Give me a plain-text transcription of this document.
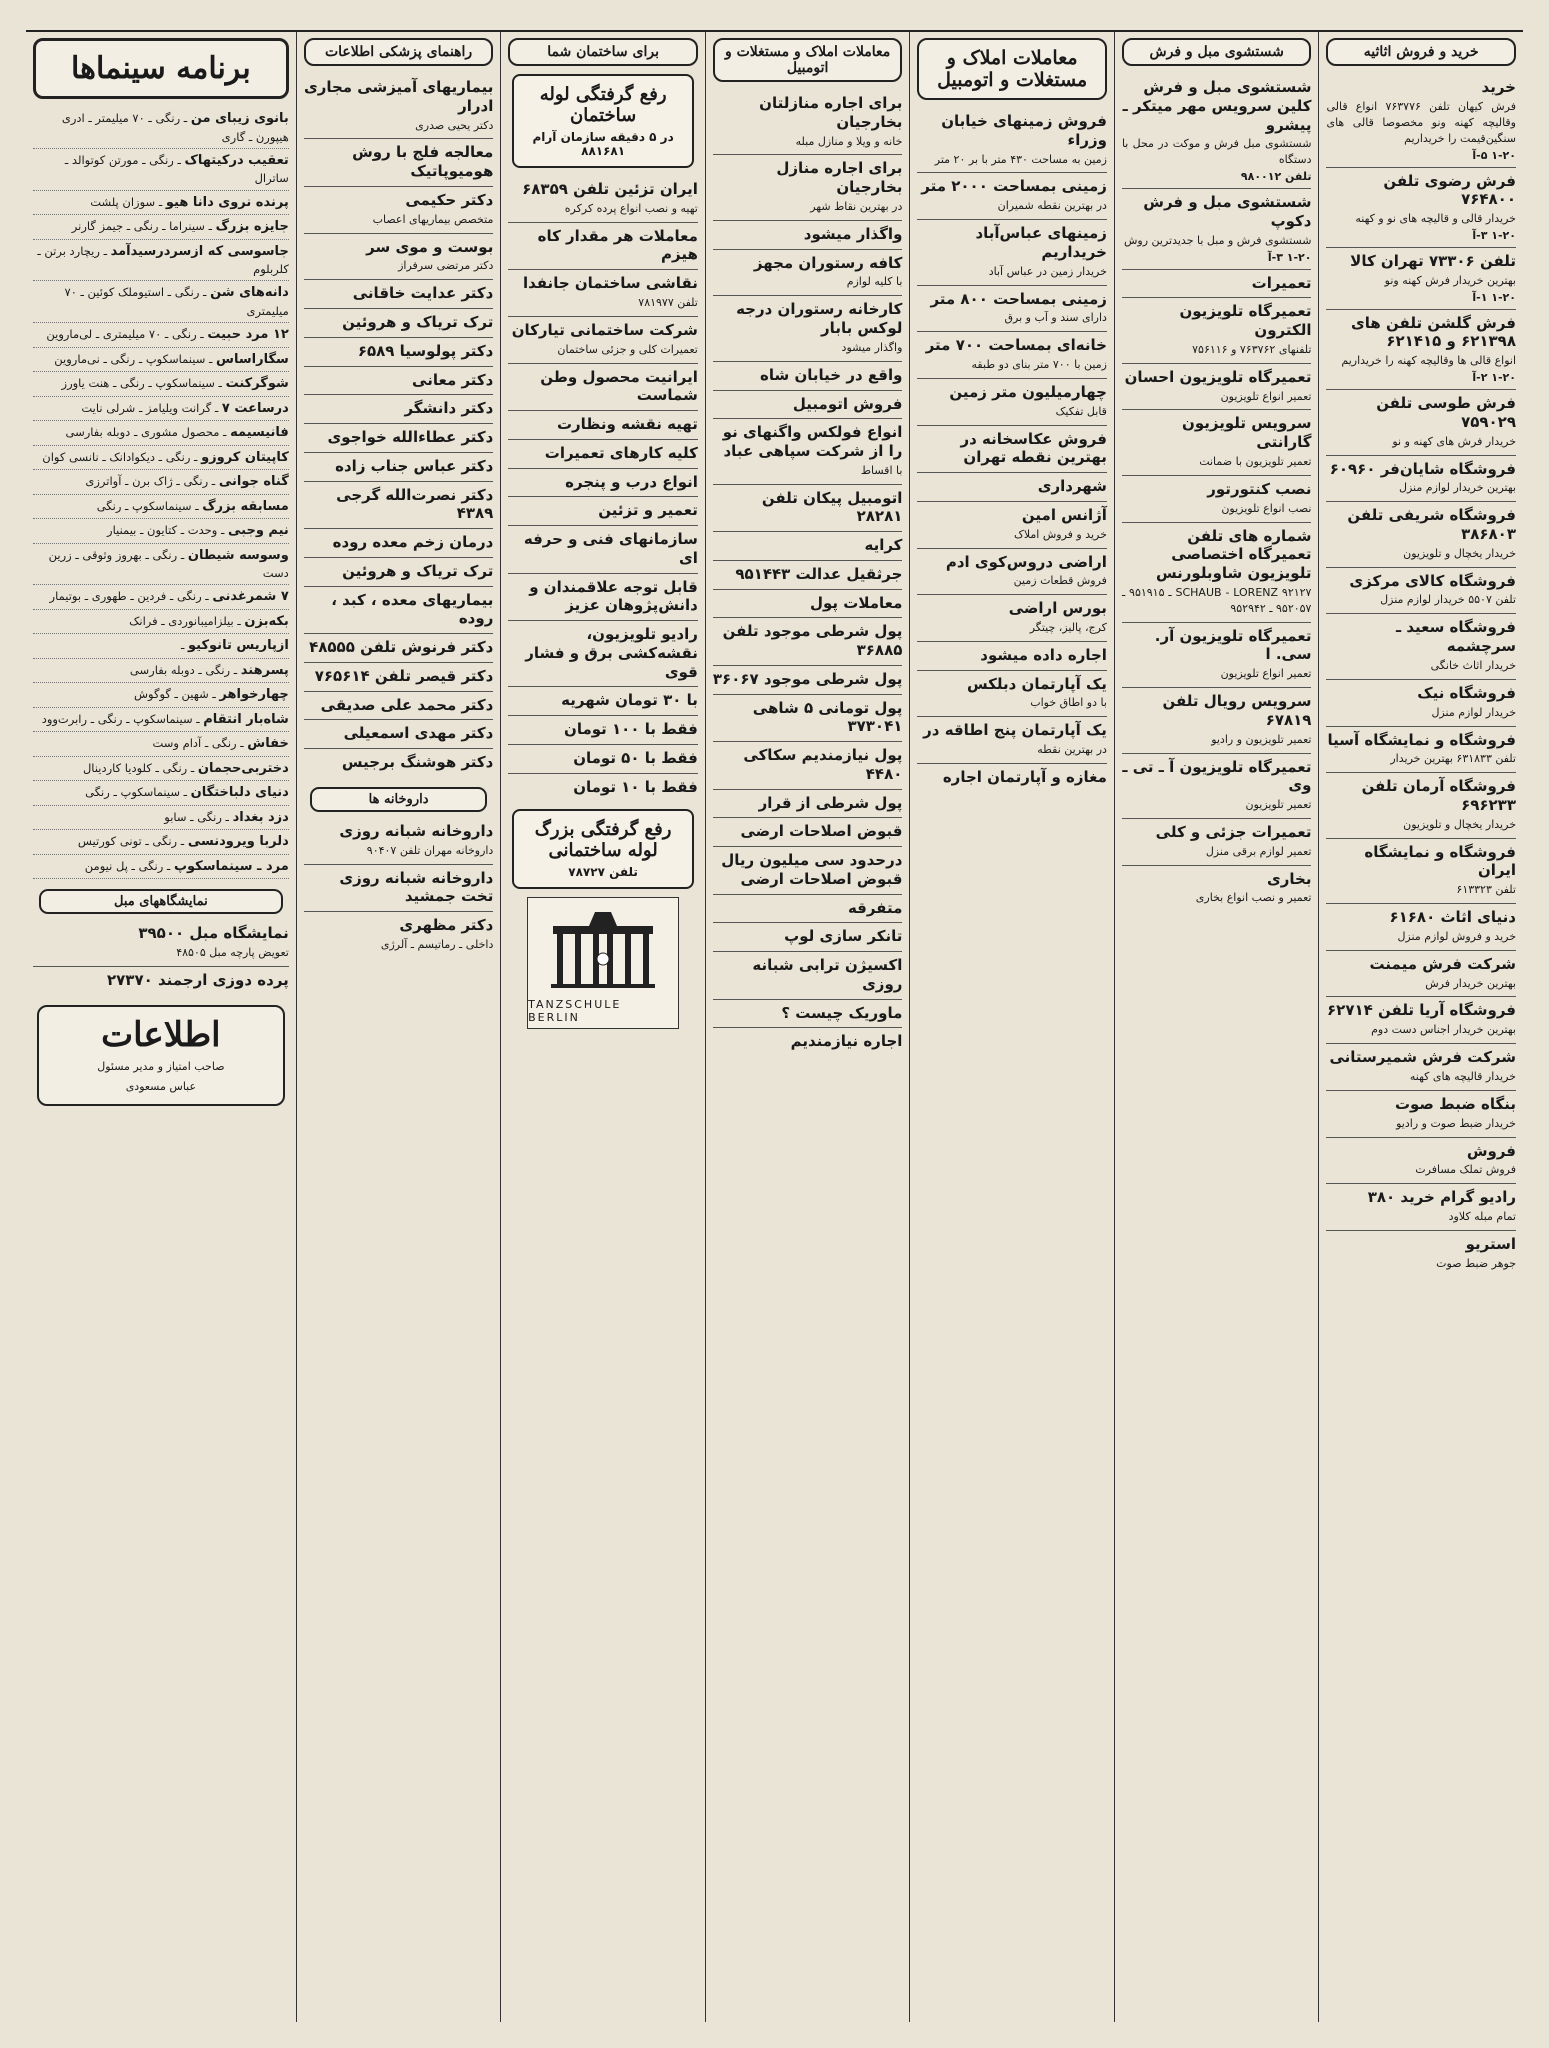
خرید و فروش اثاثیه
خرید
فرش کیهان تلفن ۷۶۳۷۷۶ انواع قالی وقالیچه کهنه ونو مخصوصا قالی های سنگین‌قیمت را خریداریم
۱-۲۰ ۵-آ
فرش رضوی تلفن ۷۶۴۸۰۰
خریدار قالی و قالیچه های نو و کهنه
۱-۲۰ ۳-آ
تلفن ۷۳۳۰۶ تهران کالا
بهترین خریدار فرش کهنه ونو
۱-۲۰ ۱-آ
فرش گلشن تلفن های ۶۲۱۳۹۸ و ۶۲۱۴۱۵
انواع قالی ها وقالیچه کهنه را خریداریم
۱-۲۰ ۲-آ
فرش طوسی تلفن ۷۵۹۰۲۹
خریدار فرش های کهنه و نو
فروشگاه شایان‌فر ۶۰۹۶۰
بهترین خریدار لوازم منزل
فروشگاه شریفی تلفن ۳۸۶۸۰۳
خریدار یخچال و تلویزیون
فروشگاه کالای مرکزی
تلفن ۵۵۰۷ خریدار لوازم منزل
فروشگاه سعید ـ سرچشمه
خریدار اثاث خانگی
فروشگاه نیک
خریدار لوازم منزل
فروشگاه و نمایشگاه آسیا
تلفن ۶۳۱۸۳۳ بهترین خریدار
فروشگاه آرمان تلفن ۶۹۶۲۳۳
خریدار یخچال و تلویزیون
فروشگاه و نمایشگاه ایران
تلفن ۶۱۳۳۲۳
دنیای اثاث ۶۱۶۸۰
خرید و فروش لوازم منزل
شرکت فرش میمنت
بهترین خریدار فرش
فروشگاه آریا تلفن ۶۲۷۱۴
بهترین خریدار اجناس دست دوم
شرکت فرش شمیرستانی
خریدار قالیچه های کهنه
بنگاه ضبط صوت
خریدار ضبط صوت و رادیو
فروش
فروش تملک مسافرت
رادیو گرام خرید ۳۸۰
تمام مبله کلاود
استریو
جوهر ضبط صوت
شستشوی مبل و فرش
شستشوی مبل و فرش کلین سرویس مهر میتکر ـ پیشرو
شستشوی مبل فرش و موکت در محل با دستگاه
تلفن ۹۸۰۰۱۲
شستشوی مبل و فرش دکوپ
شستشوی فرش و مبل با جدیدترین روش
۱-۲۰ ۳-آ
تعمیرات
تعمیرگاه تلویزیون الکترون
تلفنهای ۷۶۳۷۶۲ و ۷۵۶۱۱۶
تعمیرگاه تلویزیون احسان
تعمیر انواع تلویزیون
سرویس تلویزیون گارانتی
تعمیر تلویزیون با ضمانت
نصب کنتورتور
نصب انواع تلویزیون
شماره های تلفن تعمیرگاه اختصاصی تلویزیون شاوبلورنس
SCHAUB - LORENZ ۹۲۱۲۷ ـ ۹۵۱۹۱۵ ـ ۹۵۲۰۵۷ ـ ۹۵۲۹۴۲
تعمیرگاه تلویزیون آر. سی. ا
تعمیر انواع تلویزیون
سرویس رویال تلفن ۶۷۸۱۹
تعمیر تلویزیون و رادیو
تعمیرگاه تلویزیون آ ـ تی ـ وی
تعمیر تلویزیون
تعمیرات جزئی و کلی
تعمیر لوازم برقی منزل
بخاری
تعمیر و نصب انواع بخاری
معاملات املاک و مستغلات و اتومبیل
فروش زمینهای خیابان وزراء
زمین به مساحت ۴۳۰ متر با بر ۲۰ متر
زمینی بمساحت ۲۰۰۰ متر
در بهترین نقطه شمیران
زمینهای عباس‌آباد خریداریم
خریدار زمین در عباس آباد
زمینی بمساحت ۸۰۰ متر
دارای سند و آب و برق
خانه‌ای بمساحت ۷۰۰ متر
زمین با ۷۰۰ متر بنای دو طبقه
چهارمیلیون متر زمین
قابل تفکیک
فروش عکاسخانه در بهترین نقطه تهران
شهرداری
آژانس امین
خرید و فروش املاک
اراضی دروس‌کوی ادم
فروش قطعات زمین
بورس اراضی
کرج، پالیز، چیتگر
اجاره داده میشود
یک آپارتمان دبلکس
با دو اطاق خواب
یک آپارتمان پنج اطاقه در
در بهترین نقطه
مغازه و آپارتمان اجاره
معاملات املاک و مستغلات و اتومبیل
برای اجاره منازلتان بخارجیان
خانه و ویلا و منازل مبله
برای اجاره منازل بخارجیان
در بهترین نقاط شهر
واگذار میشود
کافه رستوران مجهز
با کلیه لوازم
کارخانه رستوران درجه لوکس بابار
واگذار میشود
واقع در خیابان شاه
فروش اتومبیل
انواع فولکس واگنهای نو را از شرکت سپاهی عباد
با اقساط
اتومبیل پیکان تلفن ۲۸۲۸۱
کرایه
جرثقیل عدالت ۹۵۱۴۴۳
معاملات پول
پول شرطی موجود تلفن ۳۶۸۸۵
پول شرطی موجود ۳۶۰۶۷
پول تومانی ۵ شاهی ۳۷۳۰۴۱
پول نیازمندیم سکاکی ۴۴۸۰
پول شرطی از قرار
قبوض اصلاحات ارضی
درحدود سی میلیون ریال قبوض اصلاحات ارضی
متفرقه
تانکر سازی لوپ
اکسیژن ترابی شبانه روزی
ماوریک چیست ؟
اجاره نیازمندیم
برای ساختمان شما
رفع گرفتگی لوله ساختمان
در ۵ دقیقه سازمان آرام ۸۸۱۶۸۱
ایران تزئین تلفن ۶۸۳۵۹
تهیه و نصب انواع پرده کرکره
معاملات هر مقدار کاه هیزم
نقاشی ساختمان جانفدا
تلفن ۷۸۱۹۷۷
شرکت ساختمانی تیارکان
تعمیرات کلی و جزئی ساختمان
ایرانیت محصول وطن شماست
تهیه نقشه ونظارت
کلیه کارهای تعمیرات
انواع درب و پنجره
تعمیر و تزئین
سازمانهای فنی و حرفه ای
قابل توجه علاقمندان و دانش‌پژوهان عزیز
رادیو تلویزیون، نقشه‌کشی برق و فشار قوی
با ۳۰ تومان شهریه
فقط با ۱۰۰ تومان
فقط با ۵۰ تومان
فقط با ۱۰ تومان
رفع گرفتگی بزرگ لوله ساختمانی
تلفن ۷۸۷۲۷
TANZSCHULE BERLIN
راهنمای پزشکی اطلاعات
بیماریهای آمیزشی مجاری ادرار
دکتر یحیی صدری
معالجه فلج با روش هومیوپاتیک
دکتر حکیمی
متخصص بیماریهای اعصاب
بوست و موی سر
دکتر مرتضی سرفراز
دکتر عدایت خاقانی
ترک تریاک و هروئین
دکتر پولوسیا ۶۵۸۹
دکتر معانی
دکتر دانشگر
دکتر عطاءالله خواجوی
دکتر عباس جناب زاده
دکتر نصرت‌الله گرجی ۴۳۸۹
درمان زخم معده روده
ترک تریاک و هروئین
بیماریهای معده ، کبد ، روده
دکتر فرنوش تلفن ۴۸۵۵۵
دکتر قیصر تلفن ۷۶۵۶۱۴
دکتر محمد علی صدیقی
دکتر مهدی اسمعیلی
دکتر هوشنگ برجیس
داروخانه ها
داروخانه شبانه روزی
داروخانه مهران تلفن ۹۰۴۰۷
داروخانه شبانه روزی تخت جمشید
دکتر مظهری
داخلی ـ رماتیسم ـ آلرژی
برنامه سینماها
بانوی زیبای من ـ رنگی ـ ۷۰ میلیمتر ـ ادری هیپورن ـ گاری
تعقیب درکیتهاک ـ رنگی ـ مورتن کوتوالد ـ ساترال
پرنده نروی دانا هیو ـ سوزان پلشت
جایزه بزرگ ـ سینراما ـ رنگی ـ جیمز گارنر
جاسوسی که ازسردرسیدآمد ـ ریچارد برتن ـ کلربلوم
دانه‌های شن ـ رنگی ـ استیوملک کوئین ـ ۷۰ میلیمتری
۱۲ مرد حبیت ـ رنگی ـ ۷۰ میلیمتری ـ لی‌ماروین
سگاراساس ـ سینماسکوپ ـ رنگی ـ نی‌ماروین
شوگرکنت ـ سینماسکوپ ـ رنگی ـ هنت یاورز
درساعت ۷ ـ گرانت ویلیامز ـ شرلی نایت
فانیسیمه ـ محصول مشوری ـ دوبله بفارسی
کاپیتان کروزو ـ رنگی ـ دیکوادانک ـ نانسی کوان
گناه جوانی ـ رنگی ـ ژاک برن ـ آواترزی
مسابقه بزرگ ـ سینماسکوپ ـ رنگی
نیم وجبی ـ وحدت ـ کتایون ـ بیمنیار
وسوسه شیطان ـ رنگی ـ بهروز وثوقی ـ زرین دست
۷ شمرغدنی ـ رنگی ـ فردین ـ طهوری ـ بوتیمار
بکه‌بزن ـ بیلزامیبانوردی ـ فرانک
ازپاریس تانوکیو ـ
پسرهند ـ رنگی ـ دوبله بفارسی
چهارخواهر ـ شهین ـ گوگوش
شاه‌بار ‌انتقام ـ سینماسکوپ ـ رنگی ـ رابرت‌وود
خفاش ـ رنگی ـ آدام وست
دختربی‌حجمان ـ رنگی ـ کلودیا کاردینال
دنیای دلباختگان ـ سینماسکوپ ـ رنگی
دزد بغداد ـ رنگی ـ سابو
دلربا ویرودنسی ـ رنگی ـ تونی کورتیس
مرد ـ سینماسکوپ ـ رنگی ـ پل نیومن
نمایشگاههای مبل
نمایشگاه مبل ۳۹۵۰۰
تعویض پارچه مبل ۴۸۵۰۵
پرده دوزی ارجمند ۲۷۳۷۰
اطلاعات
صاحب امتیاز و مدیر مسئول
عباس مسعودی
